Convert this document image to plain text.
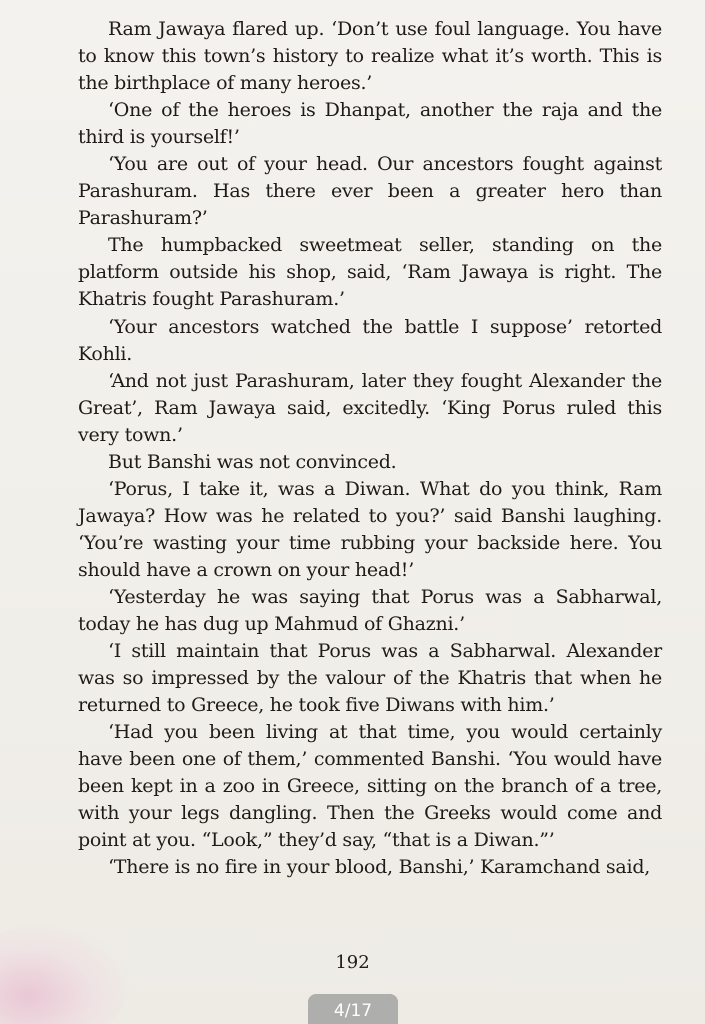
Ram Jawaya flared up. ‘Don’t use foul language. You have to know this town’s history to realize what it’s worth. This is the birthplace of many heroes.’

‘One of the heroes is Dhanpat, another the raja and the third is yourself!’

‘You are out of your head. Our ancestors fought against Parashuram. Has there ever been a greater hero than Parashuram?’

The humpbacked sweetmeat seller, standing on the platform outside his shop, said, ‘Ram Jawaya is right. The Khatris fought Parashuram.’

‘Your ancestors watched the battle I suppose’ retorted Kohli.

‘And not just Parashuram, later they fought Alexander the Great’, Ram Jawaya said, excitedly. ‘King Porus ruled this very town.’

But Banshi was not convinced.

‘Porus, I take it, was a Diwan. What do you think, Ram Jawaya? How was he related to you?’ said Banshi laughing. ‘You’re wasting your time rubbing your backside here. You should have a crown on your head!’

‘Yesterday he was saying that Porus was a Sabharwal, today he has dug up Mahmud of Ghazni.’

‘I still maintain that Porus was a Sabharwal. Alexander was so impressed by the valour of the Khatris that when he returned to Greece, he took five Diwans with him.’

‘Had you been living at that time, you would certainly have been one of them,’ commented Banshi. ‘You would have been kept in a zoo in Greece, sitting on the branch of a tree, with your legs dangling. Then the Greeks would come and point at you. “Look,” they’d say, “that is a Diwan.”’

‘There is no fire in your blood, Banshi,’ Karamchand said,

192
4/17
